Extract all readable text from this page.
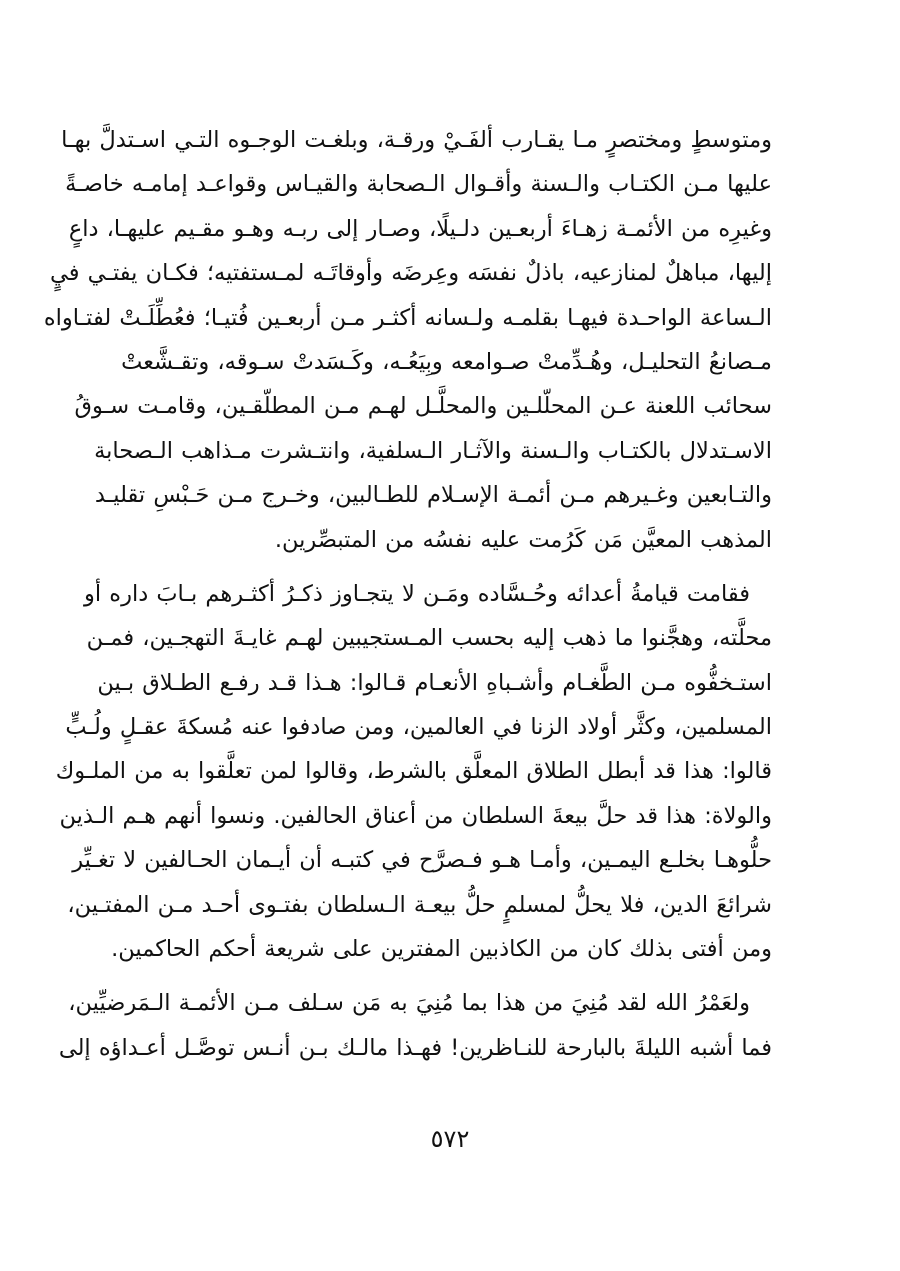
ومتوسطٍ ومختصرٍ مـا يقـارب ألفَـيْ ورقـة، وبلغـت الوجـوه التـي اسـتدلَّ بهـا
عليها مـن الكتـاب والـسنة وأقـوال الـصحابة والقيـاس وقواعـد إمامـه خاصـةً
وغيرِه من الأئمـة زهـاءَ أربعـين دلـيلًا، وصـار إلى ربـه وهـو مقـيم عليهـا، داعٍ
إليها، مباهلٌ لمنازعيه، باذلٌ نفسَه وعِرضَه وأوقاتَـه لمـستفتيه؛ فكـان يفتـي فيٍ
الـساعة الواحـدة فيهـا بقلمـه ولـسانه أكثـر مـن أربعـين فُتيـا؛ فعُطِّلَـتْ لفتـاواه
مـصانعُ التحليـل، وهُـدِّمتْ صـوامعه وبِيَعُـه، وكَـسَدتْ سـوقه، وتقـشَّعتْ
سحائب اللعنة عـن المحلّلـين والمحلَّـل لهـم مـن المطلّقـين، وقامـت سـوقُ
الاسـتدلال بالكتـاب والـسنة والآثـار الـسلفية، وانتـشرت مـذاهب الـصحابة
والتـابعين وغـيرهم مـن أئمـة الإسـلام للطـالبين، وخـرج مـن حَـبْسِ تقليـد
المذهب المعيَّن مَن كَرُمت عليه نفسُه من المتبصِّرين.
فقامت قيامةُ أعدائه وحُـسَّاده ومَـن لا يتجـاوز ذكـرُ أكثـرهم بـابَ داره أو
محلَّته، وهجَّنوا ما ذهب إليه بحسب المـستجيبين لهـم غايـةَ التهجـين، فمـن
استـخفُّوه مـن الطَّغـام وأشـباهِ الأنعـام قـالوا: هـذا قـد رفـع الطـلاق بـين
المسلمين، وكثَّر أولاد الزنا في العالمين، ومن صادفوا عنه مُسكةَ عقـلٍ ولُـبٍّ
قالوا: هذا قد أبطل الطلاق المعلَّق بالشرط، وقالوا لمن تعلَّقوا به من الملـوك
والولاة: هذا قد حلَّ بيعةَ السلطان من أعناق الحالفين. ونسوا أنهم هـم الـذين
حلُّوهـا بخلـع اليمـين، وأمـا هـو فـصرَّح في كتبـه أن أيـمان الحـالفين لا تغـيِّر
شرائعَ الدين، فلا يحلُّ لمسلمٍ حلُّ بيعـة الـسلطان بفتـوى أحـد مـن المفتـين،
ومن أفتى بذلك كان من الكاذبين المفترين على شريعة أحكم الحاكمين.
ولعَمْرُ الله لقد مُنِيَ من هذا بما مُنِيَ به مَن سـلف مـن الأئمـة الـمَرضيِّين،
فما أشبه الليلةَ بالبارحة للنـاظرين! فهـذا مالـك بـن أنـس توصَّـل أعـداؤه إلى
٥٧٢
